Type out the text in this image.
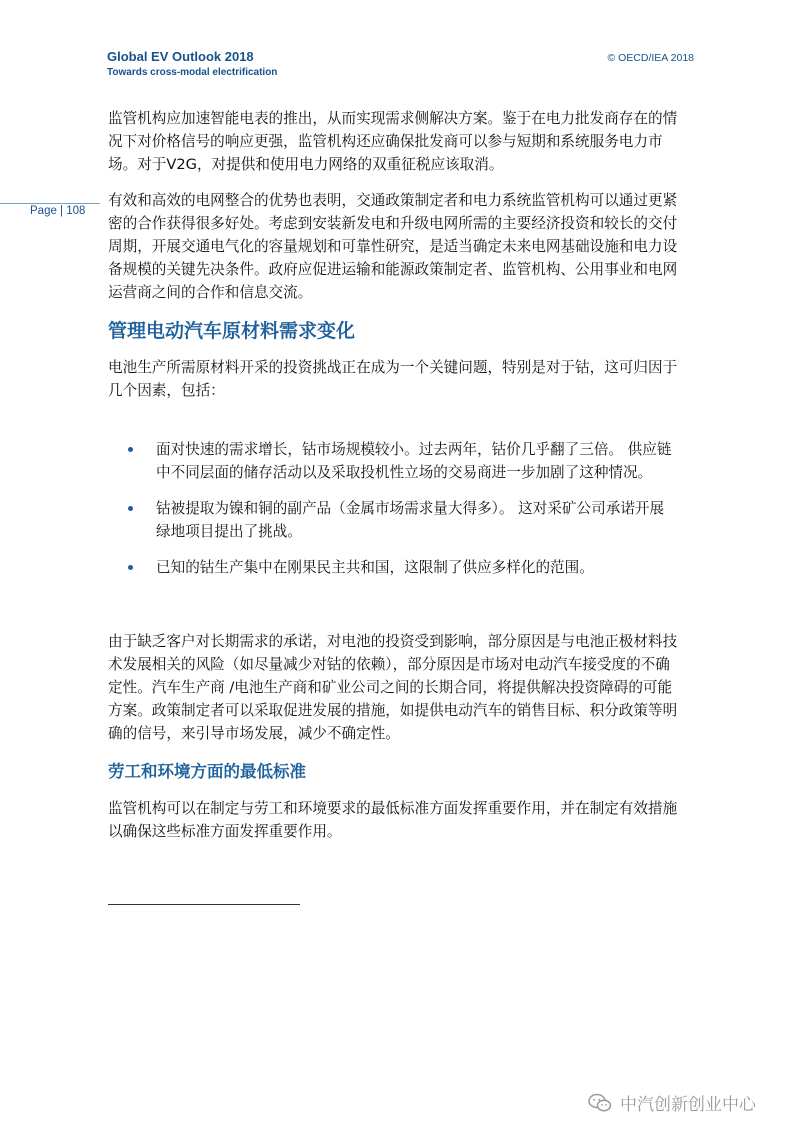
Global EV Outlook 2018
Towards cross-modal electrification
© OECD/IEA 2018
Page | 108

监管机构应加速智能电表的推出，从而实现需求侧解决方案。鉴于在电力批发商存在的情
况下对价格信号的响应更强，监管机构还应确保批发商可以参与短期和系统服务电力市
场。对于V2G，对提供和使用电力网络的双重征税应该取消。

有效和高效的电网整合的优势也表明，交通政策制定者和电力系统监管机构可以通过更紧
密的合作获得很多好处。考虑到安装新发电和升级电网所需的主要经济投资和较长的交付
周期，开展交通电气化的容量规划和可靠性研究，是适当确定未来电网基础设施和电力设
备规模的关键先决条件。政府应促进运输和能源政策制定者、监管机构、公用事业和电网
运营商之间的合作和信息交流。

管理电动汽车原材料需求变化

电池生产所需原材料开采的投资挑战正在成为一个关键问题，特别是对于钴，这可归因于
几个因素，包括：

面对快速的需求增长，钴市场规模较小。过去两年，钴价几乎翻了三倍。 供应链
中不同层面的储存活动以及采取投机性立场的交易商进一步加剧了这种情况。

钴被提取为镍和铜的副产品（金属市场需求量大得多）。 这对采矿公司承诺开展
绿地项目提出了挑战。

已知的钴生产集中在刚果民主共和国，这限制了供应多样化的范围。

由于缺乏客户对长期需求的承诺，对电池的投资受到影响，部分原因是与电池正极材料技
术发展相关的风险（如尽量减少对钴的依赖），部分原因是市场对电动汽车接受度的不确
定性。汽车生产商 /电池生产商和矿业公司之间的长期合同，将提供解决投资障碍的可能
方案。政策制定者可以采取促进发展的措施，如提供电动汽车的销售目标、积分政策等明
确的信号，来引导市场发展，减少不确定性。

劳工和环境方面的最低标准

监管机构可以在制定与劳工和环境要求的最低标准方面发挥重要作用，并在制定有效措施
以确保这些标准方面发挥重要作用。

中汽创新创业中心
